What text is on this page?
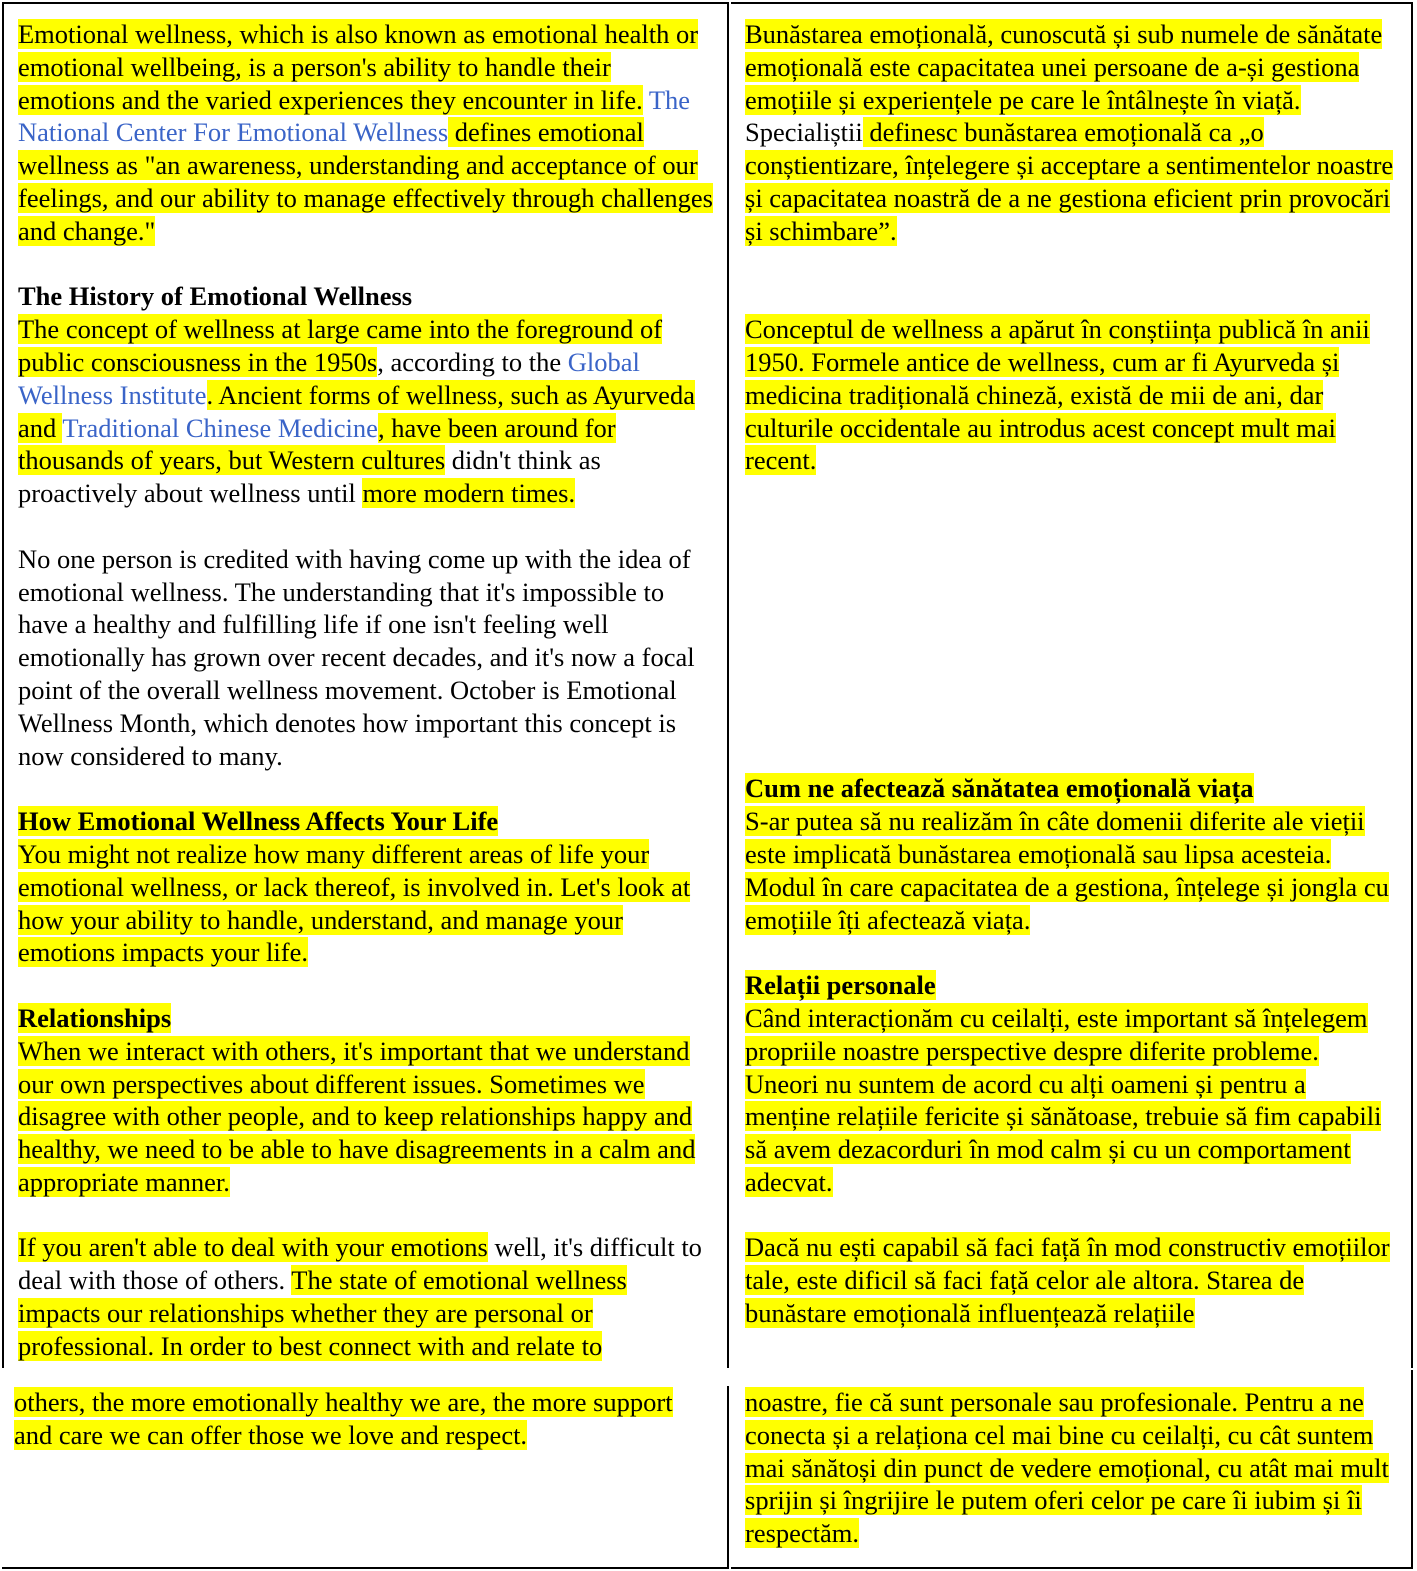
Emotional wellness, which is also known as emotional health or emotional wellbeing, is a person's ability to handle their emotions and the varied experiences they encounter in life. The National Center For Emotional Wellness defines emotional wellness as "an awareness, understanding and acceptance of our feelings, and our ability to manage effectively through challenges and change."

The History of Emotional Wellness

The concept of wellness at large came into the foreground of public consciousness in the 1950s, according to the Global Wellness Institute. Ancient forms of wellness, such as Ayurveda and Traditional Chinese Medicine, have been around for thousands of years, but Western cultures didn't think as proactively about wellness until more modern times.

No one person is credited with having come up with the idea of emotional wellness. The understanding that it's impossible to have a healthy and fulfilling life if one isn't feeling well emotionally has grown over recent decades, and it's now a focal point of the overall wellness movement. October is Emotional Wellness Month, which denotes how important this concept is now considered to many.

How Emotional Wellness Affects Your Life

You might not realize how many different areas of life your emotional wellness, or lack thereof, is involved in. Let's look at how your ability to handle, understand, and manage your emotions impacts your life.

Relationships

When we interact with others, it's important that we understand our own perspectives about different issues. Sometimes we disagree with other people, and to keep relationships happy and healthy, we need to be able to have disagreements in a calm and appropriate manner.

If you aren't able to deal with your emotions well, it's difficult to deal with those of others. The state of emotional wellness impacts our relationships whether they are personal or professional. In order to best connect with and relate to

Bunăstarea emoțională, cunoscută și sub numele de sănătate emoțională este capacitatea unei persoane de a-și gestiona emoțiile și experiențele pe care le întâlnește în viață. Specialiștii definesc bunăstarea emoțională ca „o conștientizare, înțelegere și acceptare a sentimentelor noastre și capacitatea noastră de a ne gestiona eficient prin provocări și schimbare”.

Conceptul de wellness a apărut în conștiința publică în anii 1950. Formele antice de wellness, cum ar fi Ayurveda și medicina tradițională chineză, există de mii de ani, dar culturile occidentale au introdus acest concept mult mai recent.

Cum ne afectează sănătatea emoțională viața

S-ar putea să nu realizăm în câte domenii diferite ale vieții este implicată bunăstarea emoțională sau lipsa acesteia. Modul în care capacitatea de a gestiona, înțelege și jongla cu emoțiile îți afectează viața.

Relații personale

Când interacționăm cu ceilalți, este important să înțelegem propriile noastre perspective despre diferite probleme. Uneori nu suntem de acord cu alți oameni și pentru a menține relațiile fericite și sănătoase, trebuie să fim capabili să avem dezacorduri în mod calm și cu un comportament adecvat.

Dacă nu ești capabil să faci față în mod constructiv emoțiilor tale, este dificil să faci față celor ale altora. Starea de bunăstare emoțională influențează relațiile

others, the more emotionally healthy we are, the more support and care we can offer those we love and respect.

noastre, fie că sunt personale sau profesionale. Pentru a ne conecta și a relaționa cel mai bine cu ceilalți, cu cât suntem mai sănătoși din punct de vedere emoțional, cu atât mai mult sprijin și îngrijire le putem oferi celor pe care îi iubim și îi respectăm.
